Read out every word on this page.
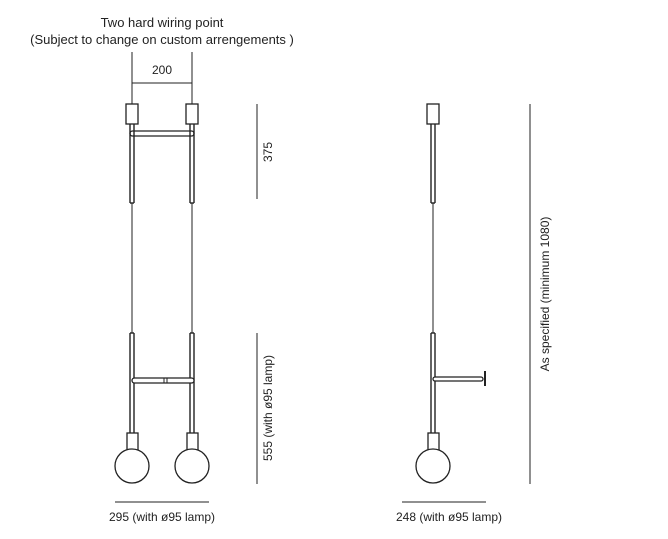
Two hard wiring point
(Subject to change on custom arrengements )
200
295 (with ø95 lamp)
375
555 (with ø95 lamp)
248 (with ø95 lamp)
As specified (minimum 1080)
